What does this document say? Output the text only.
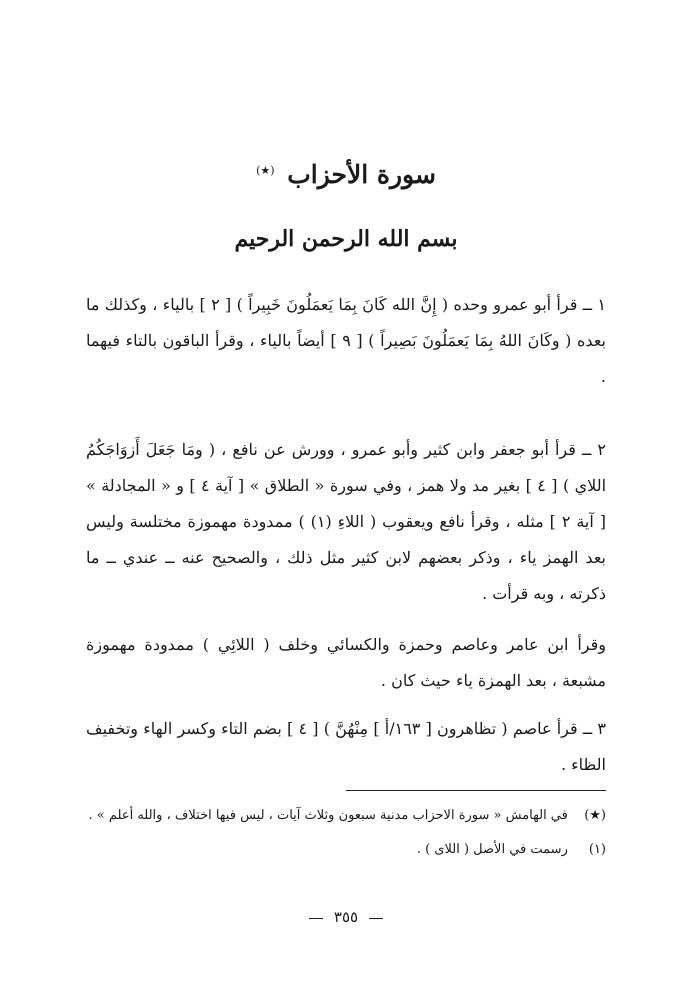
سورة الأحزاب (★)
بسم الله الرحمن الرحيم
١ ــ قرأ أبو عمرو وحده ( إِنَّ الله كَانَ بِمَا يَعمَلُونَ خَبِيراً ) [ ٢ ] بالياء ، وكذلك ما بعده ( وكَانَ اللهُ بِمَا يَعمَلُونَ بَصِيراً ) [ ٩ ] أيضاً بالياء ، وقرأ الباقون بالتاء فيهما .
٢ ــ قرأ أبو جعفر وابن كثير وأبو عمرو ، وورش عن نافع ، ( ومَا جَعَلَ أَزوَاجَكُمُ اللاي ) [ ٤ ] بغير مد ولا همز ، وفي سورة « الطلاق » [ آية ٤ ] و « المجادلة » [ آية ٢ ] مثله ، وقرأ نافع ويعقوب ( اللاءِ (١) ) ممدودة مهموزة مختلسة وليس بعد الهمز ياء ، وذكر بعضهم لابن كثير مثل ذلك ، والصحيح عنه ــ عندي ــ ما ذكرته ، وبه قرأت .
وقرأ ابن عامر وعاصم وحمزة والكسائي وخلف ( اللائِي ) ممدودة مهموزة مشبعة ، بعد الهمزة ياء حيث كان .
٣ ــ قرأ عاصم ( تظاهرون [ ١٦٣/أ ] مِنْهُنَّ ) [ ٤ ] بضم التاء وكسر الهاء وتخفيف الظاء .
(★) في الهامش « سورة الاحزاب مدنية سبعون وثلاث آيات ، ليس فيها اختلاف ، والله أعلم » .
(١) رسمت في الأصل ( اللاى ) .
٣٥٥
